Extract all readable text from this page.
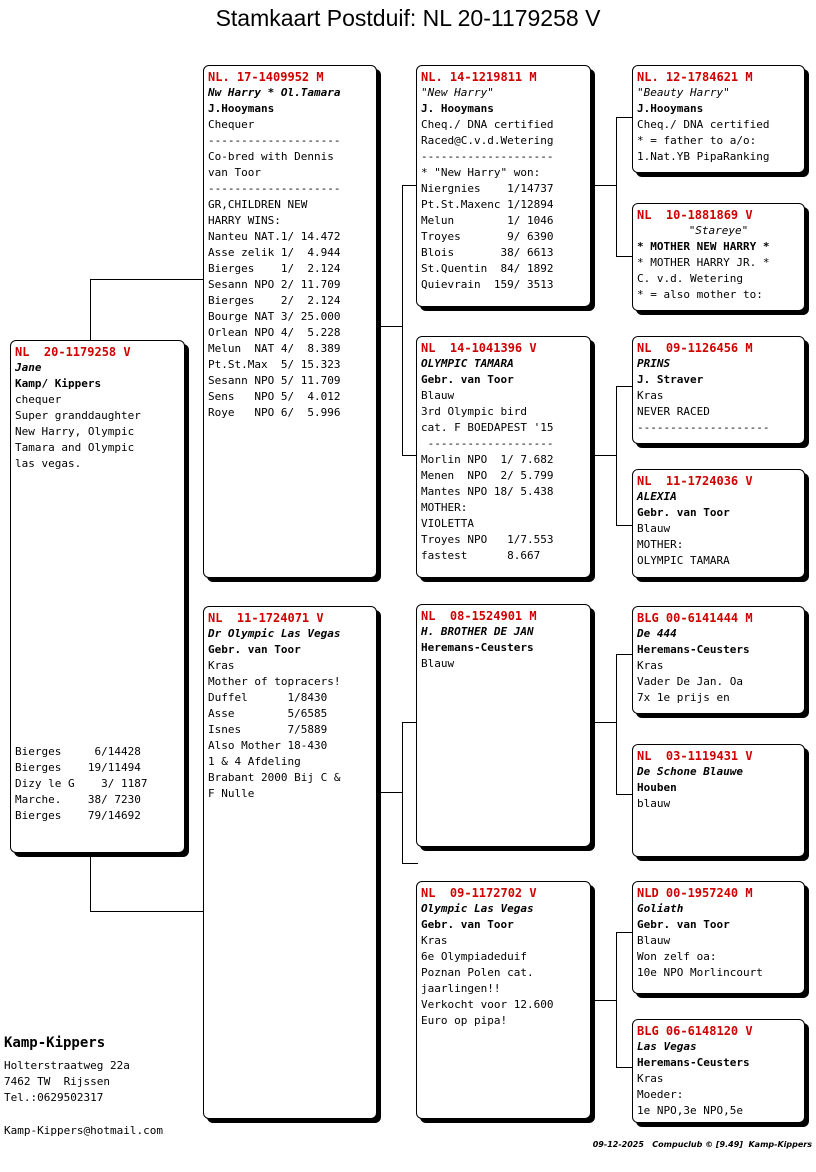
Stamkaart Postduif: NL 20-1179258 V
NL  20-1179258 V
Jane
Kamp/ Kippers
chequer
Super granddaughter
New Harry, Olympic
Tamara and Olympic
las vegas.
Bierges     6/14428
Bierges    19/11494
Dizy le G    3/ 1187
Marche.    38/ 7230
Bierges    79/14692
NL. 17-1409952 M
Nw Harry * Ol.Tamara
J.Hooymans
Chequer
--------------------
Co-bred with Dennis
van Toor
--------------------
GR,CHILDREN NEW
HARRY WINS:
Nanteu NAT.1/ 14.472
Asse zelik 1/  4.944
Bierges    1/  2.124
Sesann NPO 2/ 11.709
Bierges    2/  2.124
Bourge NAT 3/ 25.000
Orlean NPO 4/  5.228
Melun  NAT 4/  8.389
Pt.St.Max  5/ 15.323
Sesann NPO 5/ 11.709
Sens   NPO 5/  4.012
Roye   NPO 6/  5.996
NL  11-1724071 V
Dr Olympic Las Vegas
Gebr. van Toor
Kras
Mother of topracers!
Duffel      1/8430
Asse        5/6585
Isnes       7/5889
Also Mother 18-430
1 & 4 Afdeling
Brabant 2000 Bij C &
F Nulle
NL. 14-1219811 M
"New Harry"
J. Hooymans
Cheq./ DNA certified
Raced@C.v.d.Wetering
--------------------
* "New Harry" won:
Niergnies    1/14737
Pt.St.Maxenc 1/12894
Melun        1/ 1046
Troyes       9/ 6390
Blois       38/ 6613
St.Quentin  84/ 1892
Quievrain  159/ 3513
NL  14-1041396 V
OLYMPIC TAMARA
Gebr. van Toor
Blauw
3rd Olympic bird
cat. F BOEDAPEST '15
-------------------
Morlin NPO  1/ 7.682
Menen  NPO  2/ 5.799
Mantes NPO 18/ 5.438
MOTHER:
VIOLETTA
Troyes NPO   1/7.553
fastest      8.667
NL  08-1524901 M
H. BROTHER DE JAN
Heremans-Ceusters
Blauw
NL  09-1172702 V
Olympic Las Vegas
Gebr. van Toor
Kras
6e Olympiadeduif
Poznan Polen cat.
jaarlingen!!
Verkocht voor 12.600
Euro op pipa!
NL. 12-1784621 M
"Beauty Harry"
J.Hooymans
Cheq./ DNA certified
* = father to a/o:
1.Nat.YB PipaRanking
NL  10-1881869 V
"Stareye"
* MOTHER NEW HARRY *
* MOTHER HARRY JR. *
C. v.d. Wetering
* = also mother to:
NL  09-1126456 M
PRINS
J. Straver
Kras
NEVER RACED
--------------------
NL  11-1724036 V
ALEXIA
Gebr. van Toor
Blauw
MOTHER:
OLYMPIC TAMARA
BLG 00-6141444 M
De 444
Heremans-Ceusters
Kras
Vader De Jan. Oa
7x 1e prijs en
NL  03-1119431 V
De Schone Blauwe
Houben
blauw
NLD 00-1957240 M
Goliath
Gebr. van Toor
Blauw
Won zelf oa:
10e NPO Morlincourt
BLG 06-6148120 V
Las Vegas
Heremans-Ceusters
Kras
Moeder:
1e NPO,3e NPO,5e
Kamp-Kippers
Holterstraatweg 22a
7462 TW  Rijssen
Tel.:0629502317
Kamp-Kippers@hotmail.com
09-12-2025   Compuclub © [9.49]  Kamp-Kippers
